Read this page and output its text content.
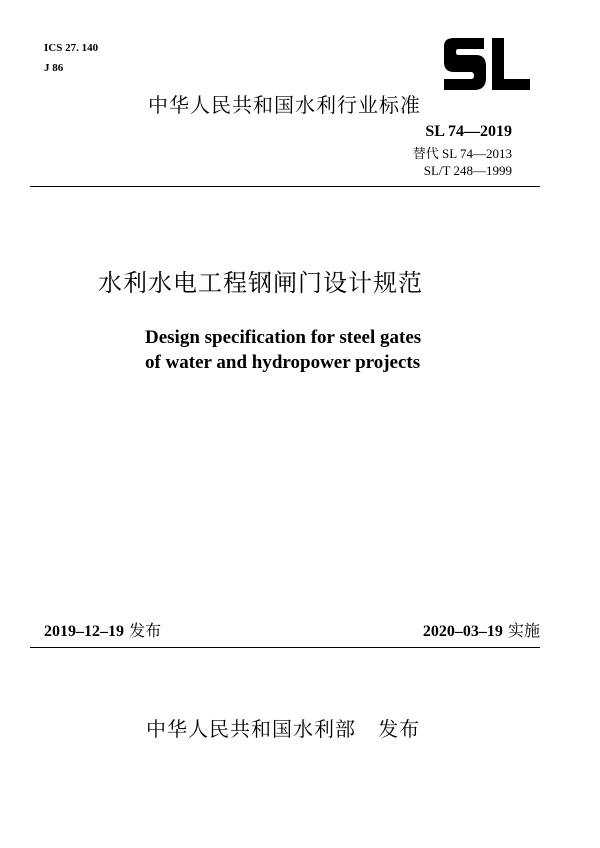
ICS 27. 140
J 86
中华人民共和国水利行业标准
SL 74—2019
替代 SL 74—2013
SL/T 248—1999
水利水电工程钢闸门设计规范
Design specification for steel gates
of water and hydropower projects
2019–12–19 发布	2020–03–19 实施
中华人民共和国水利部 发布
